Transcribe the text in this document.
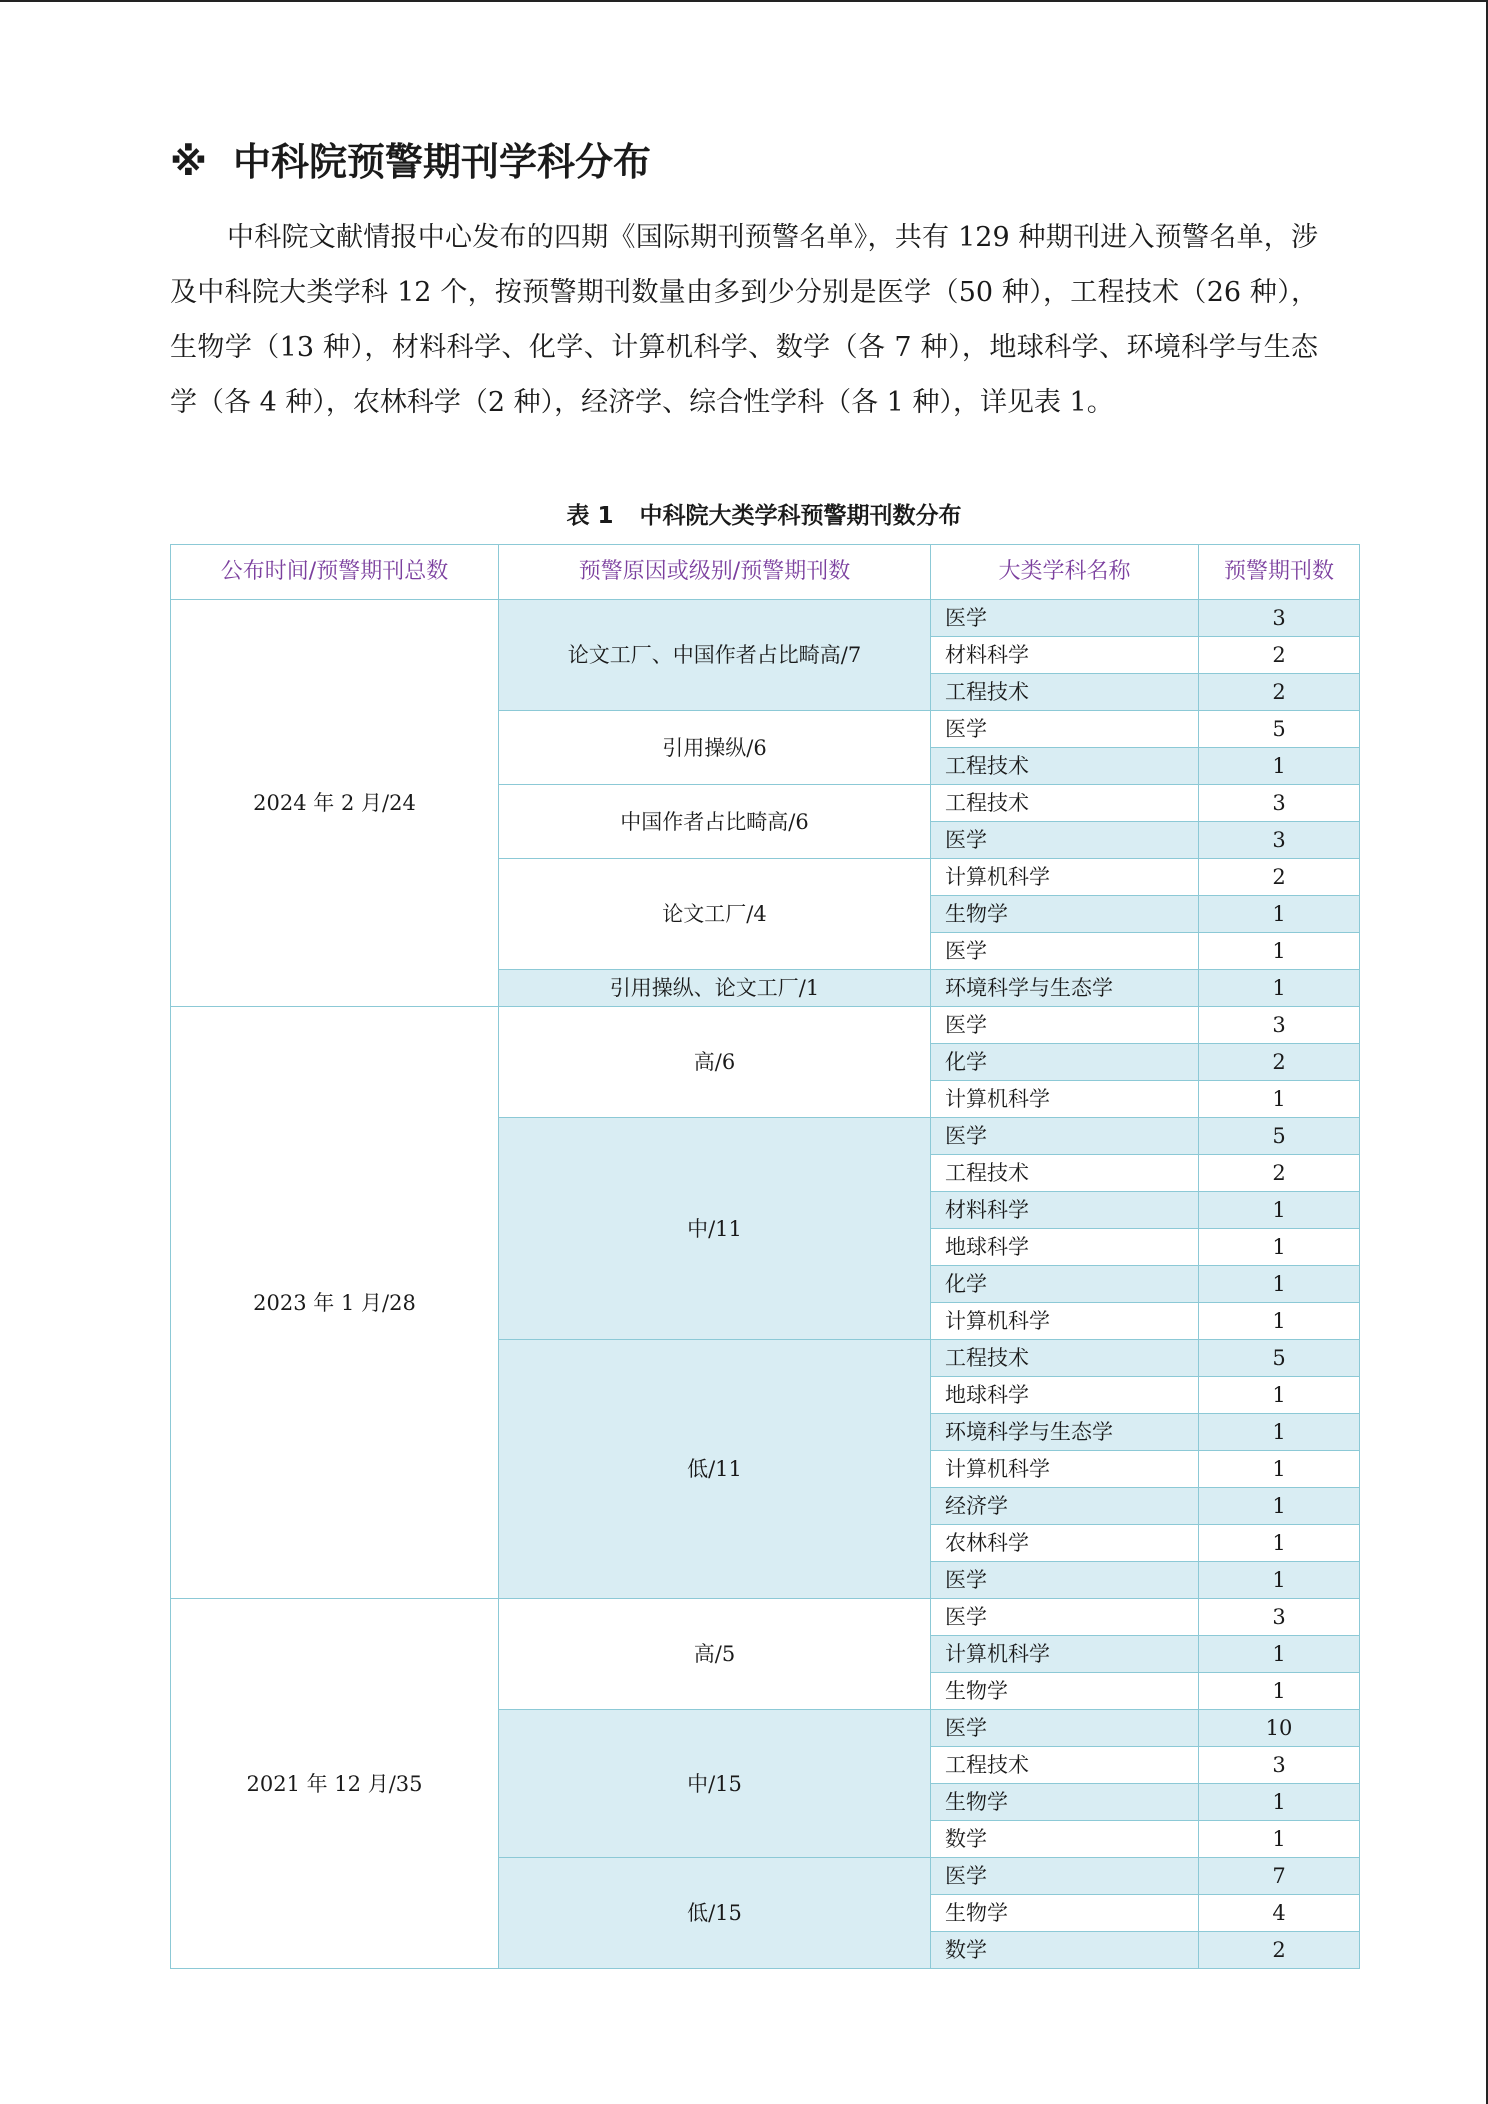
※ 中科院预警期刊学科分布

中科院文献情报中心发布的四期《国际期刊预警名单》，共有 129 种期刊进入预警名单，涉及中科院大类学科 12 个，按预警期刊数量由多到少分别是医学（50 种），工程技术（26 种），生物学（13 种），材料科学、化学、计算机科学、数学（各 7 种），地球科学、环境科学与生态学（各 4 种），农林科学（2 种），经济学、综合性学科（各 1 种），详见表 1。

表 1 中科院大类学科预警期刊数分布
公布时间/预警期刊总数	预警原因或级别/预警期刊数	大类学科名称	预警期刊数
2024 年 2 月/24	论文工厂、中国作者占比畸高/7	医学	3
		材料科学	2
		工程技术	2
	引用操纵/6	医学	5
		工程技术	1
	中国作者占比畸高/6	工程技术	3
		医学	3
	论文工厂/4	计算机科学	2
		生物学	1
		医学	1
	引用操纵、论文工厂/1	环境科学与生态学	1
2023 年 1 月/28	高/6	医学	3
		化学	2
		计算机科学	1
	中/11	医学	5
		工程技术	2
		材料科学	1
		地球科学	1
		化学	1
		计算机科学	1
	低/11	工程技术	5
		地球科学	1
		环境科学与生态学	1
		计算机科学	1
		经济学	1
		农林科学	1
		医学	1
2021 年 12 月/35	高/5	医学	3
		计算机科学	1
		生物学	1
	中/15	医学	10
		工程技术	3
		生物学	1
		数学	1
	低/15	医学	7
		生物学	4
		数学	2
